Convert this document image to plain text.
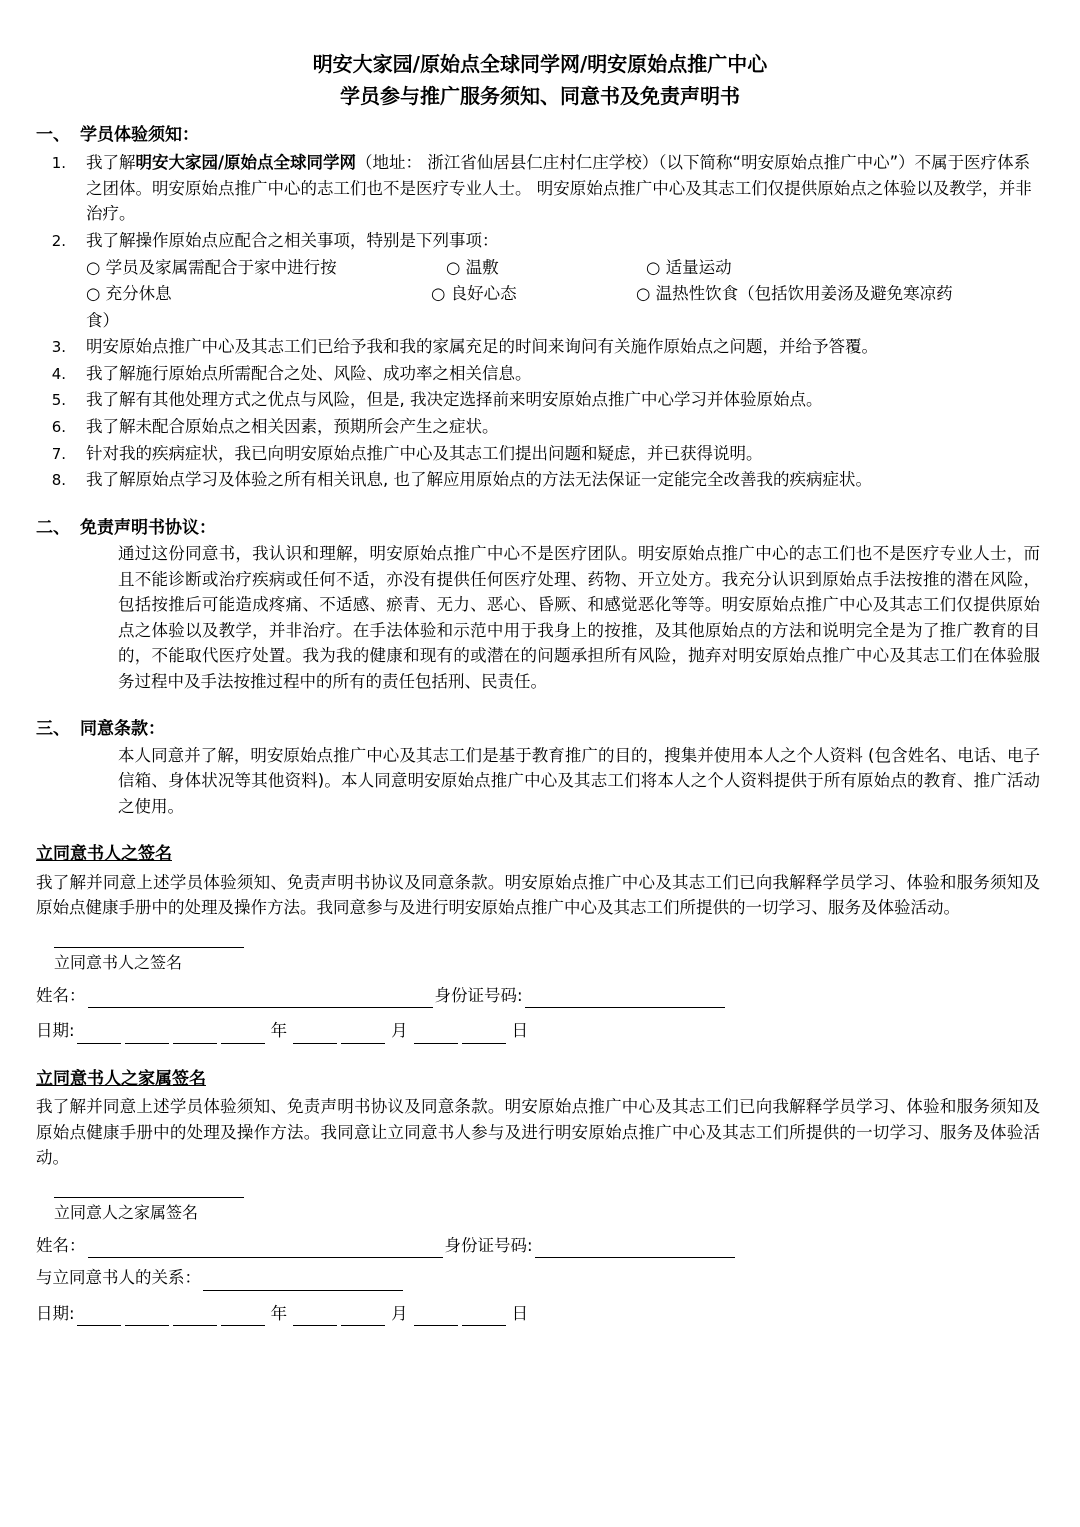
明安大家园/原始点全球同学网/明安原始点推广中心
学员参与推广服务须知、同意书及免责声明书
一、 学员体验须知：
1.	我了解明安大家园/原始点全球同学网（地址： 浙江省仙居县仁庄村仁庄学校）（以下简称“明安原始点推广中心”）不属于医疗体系之团体。明安原始点推广中心的志工们也不是医疗专业人士。 明安原始点推广中心及其志工们仅提供原始点之体验以及教学，并非治疗。
2.	我了解操作原始点应配合之相关事项，特别是下列事项：
○ 学员及家属需配合于家中进行按	○ 温敷	○ 适量运动
○ 充分休息	○ 良好心态	○ 温热性饮食（包括饮用姜汤及避免寒凉药
食）
3.	明安原始点推广中心及其志工们已给予我和我的家属充足的时间来询问有关施作原始点之问题，并给予答覆。
4.	我了解施行原始点所需配合之处、风险、成功率之相关信息。
5.	我了解有其他处理方式之优点与风险，但是, 我决定选择前来明安原始点推广中心学习并体验原始点。
6.	我了解未配合原始点之相关因素，预期所会产生之症状。
7.	针对我的疾病症状，我已向明安原始点推广中心及其志工们提出问题和疑虑，并已获得说明。
8.	我了解原始点学习及体验之所有相关讯息, 也了解应用原始点的方法无法保证一定能完全改善我的疾病症状。
二、 免责声明书协议：
通过这份同意书，我认识和理解，明安原始点推广中心不是医疗团队。明安原始点推广中心的志工们也不是医疗专业人士，而且不能诊断或治疗疾病或任何不适，亦没有提供任何医疗处理、药物、开立处方。我充分认识到原始点手法按推的潜在风险，包括按推后可能造成疼痛、不适感、瘀青、无力、恶心、昏厥、和感觉恶化等等。明安原始点推广中心及其志工们仅提供原始点之体验以及教学，并非治疗。在手法体验和示范中用于我身上的按推，及其他原始点的方法和说明完全是为了推广教育的目的，不能取代医疗处置。我为我的健康和现有的或潜在的问题承担所有风险，抛弃对明安原始点推广中心及其志工们在体验服务过程中及手法按推过程中的所有的责任包括刑、民责任。
三、 同意条款：
本人同意并了解，明安原始点推广中心及其志工们是基于教育推广的目的，搜集并使用本人之个人资料 (包含姓名、电话、电子信箱、身体状况等其他资料)。本人同意明安原始点推广中心及其志工们将本人之个人资料提供于所有原始点的教育、推广活动之使用。
立同意书人之签名
我了解并同意上述学员体验须知、免责声明书协议及同意条款。明安原始点推广中心及其志工们已向我解释学员学习、体验和服务须知及原始点健康手册中的处理及操作方法。我同意参与及进行明安原始点推广中心及其志工们所提供的一切学习、服务及体验活动。
立同意书人之签名
姓名：	身份证号码:
日期:	年	月	日
立同意书人之家属签名
我了解并同意上述学员体验须知、免责声明书协议及同意条款。明安原始点推广中心及其志工们已向我解释学员学习、体验和服务须知及原始点健康手册中的处理及操作方法。我同意让立同意书人参与及进行明安原始点推广中心及其志工们所提供的一切学习、服务及体验活动。
立同意人之家属签名
姓名：	身份证号码:
与立同意书人的关系：
日期:	年	月	日
